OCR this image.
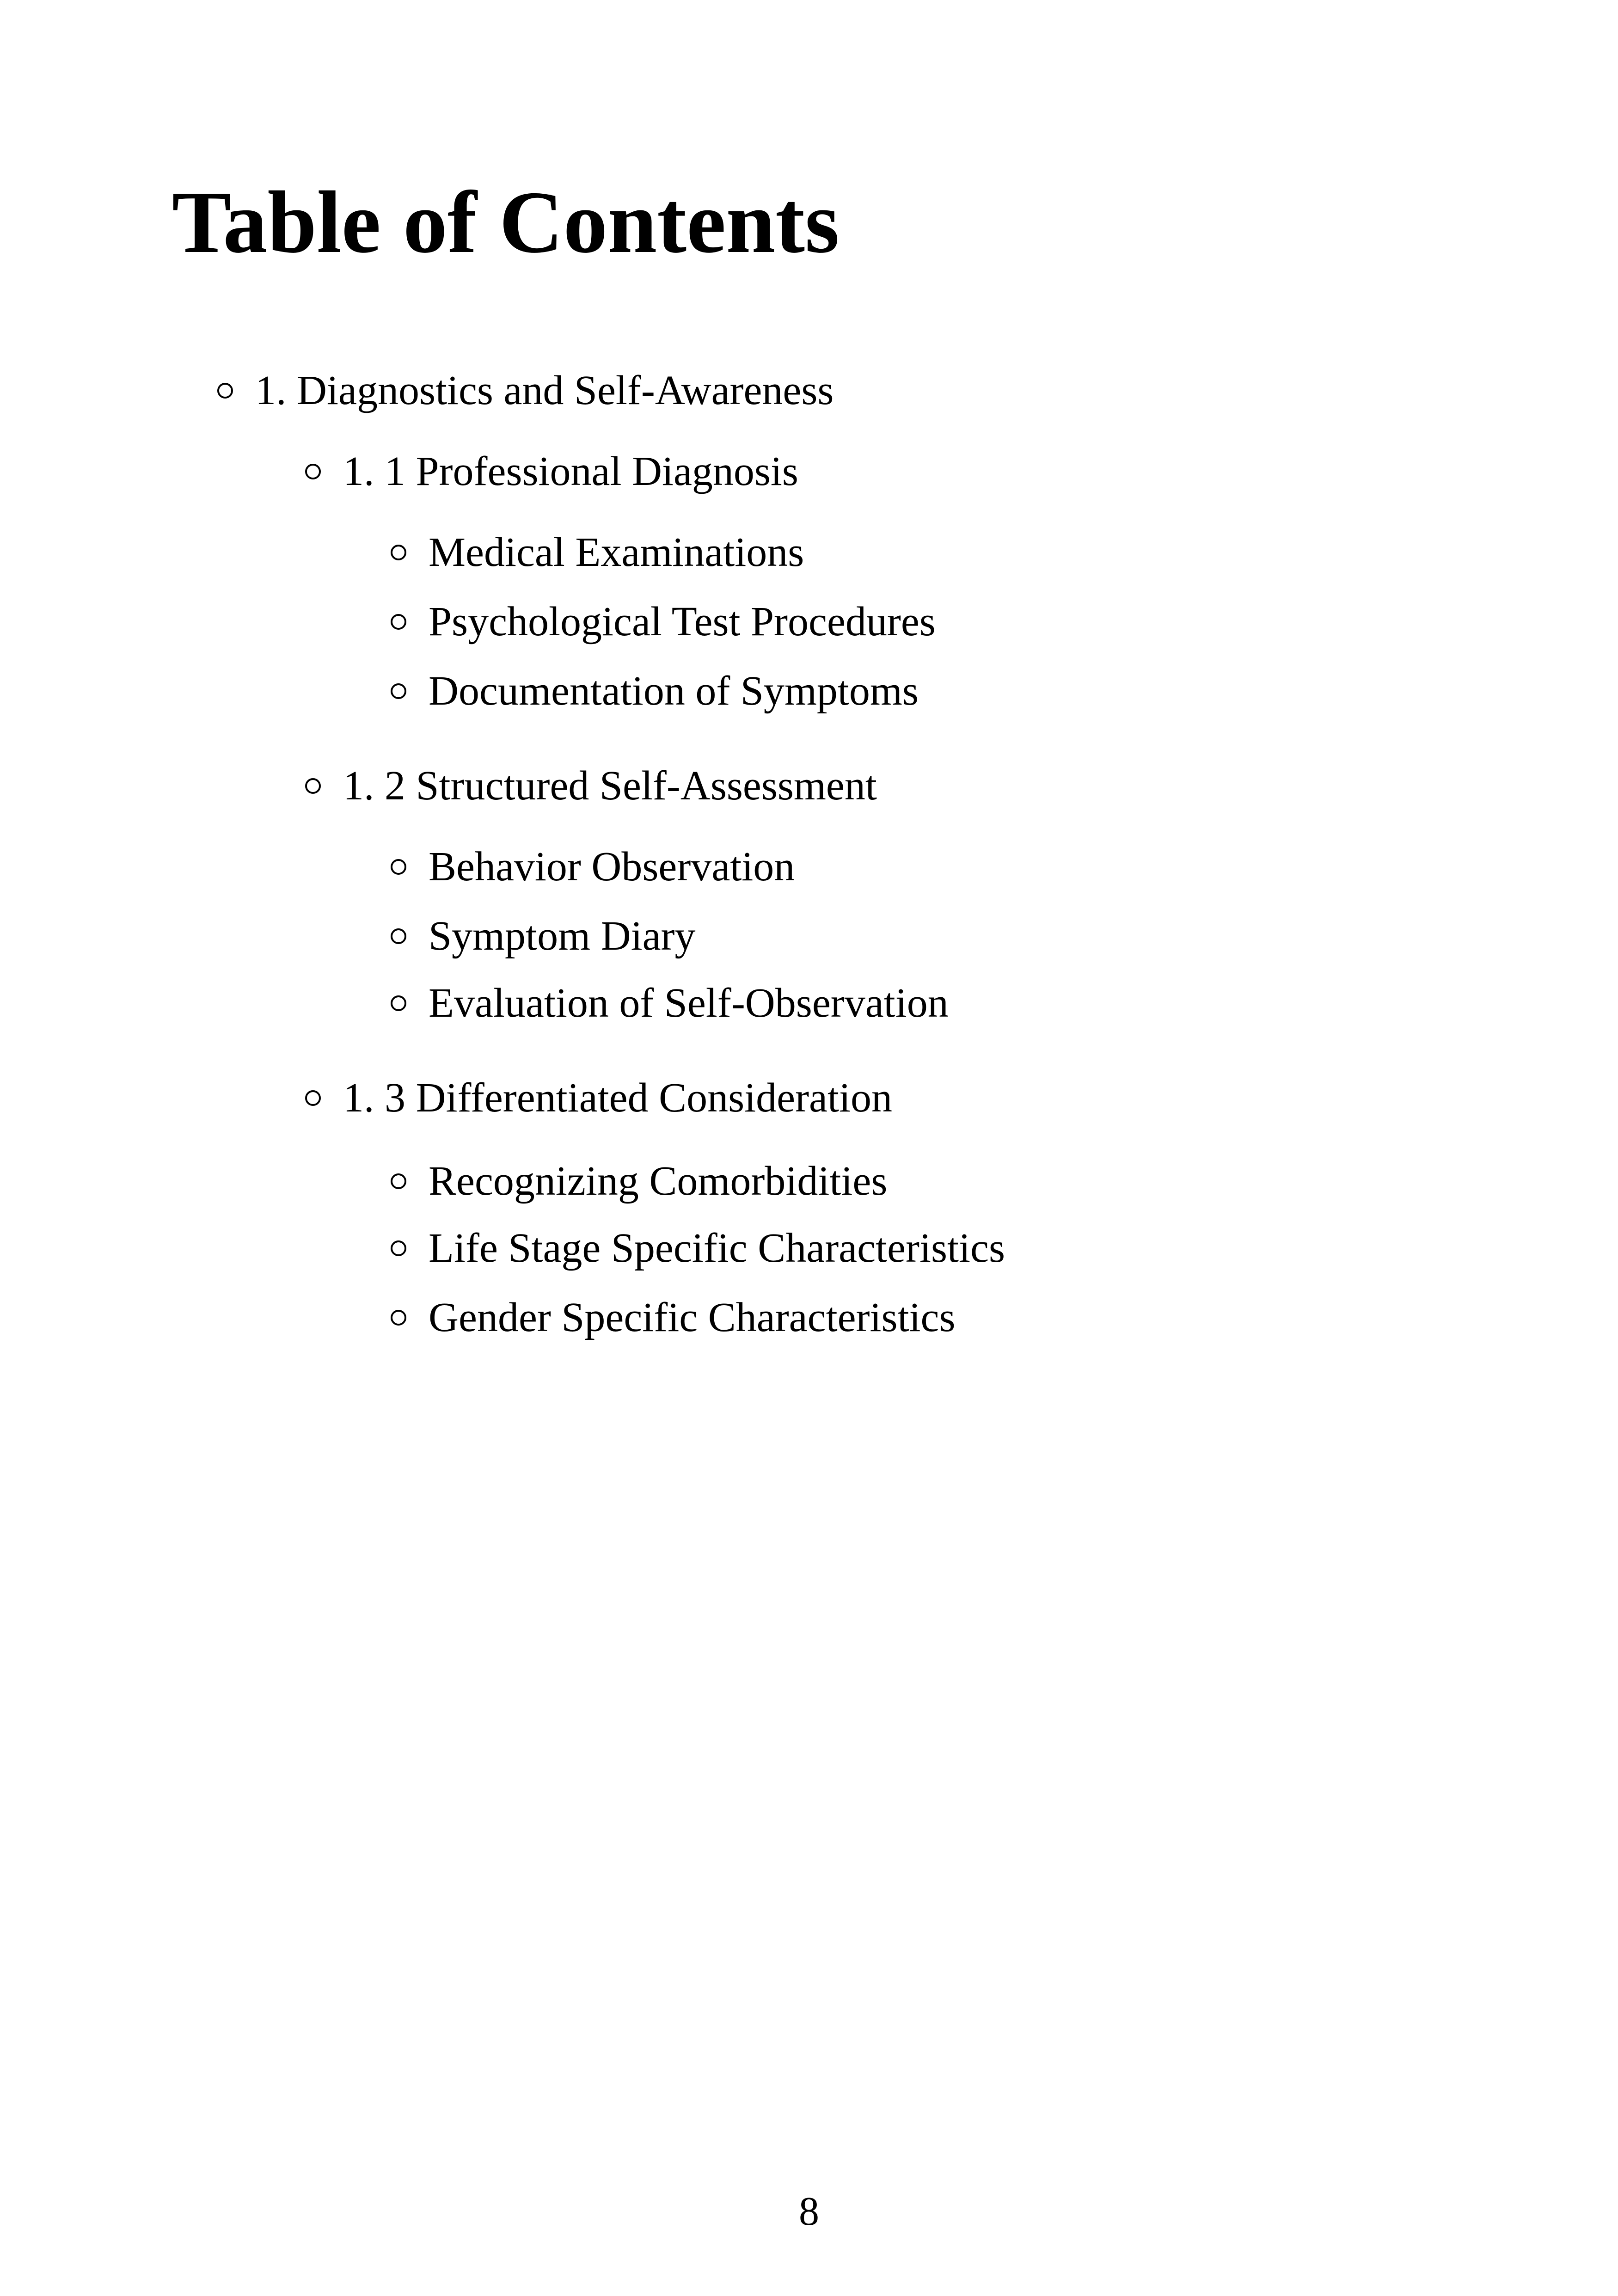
Table of Contents
1. Diagnostics and Self-Awareness
1. 1 Professional Diagnosis
Medical Examinations
Psychological Test Procedures
Documentation of Symptoms
1. 2 Structured Self-Assessment
Behavior Observation
Symptom Diary
Evaluation of Self-Observation
1. 3 Differentiated Consideration
Recognizing Comorbidities
Life Stage Specific Characteristics
Gender Specific Characteristics
8
